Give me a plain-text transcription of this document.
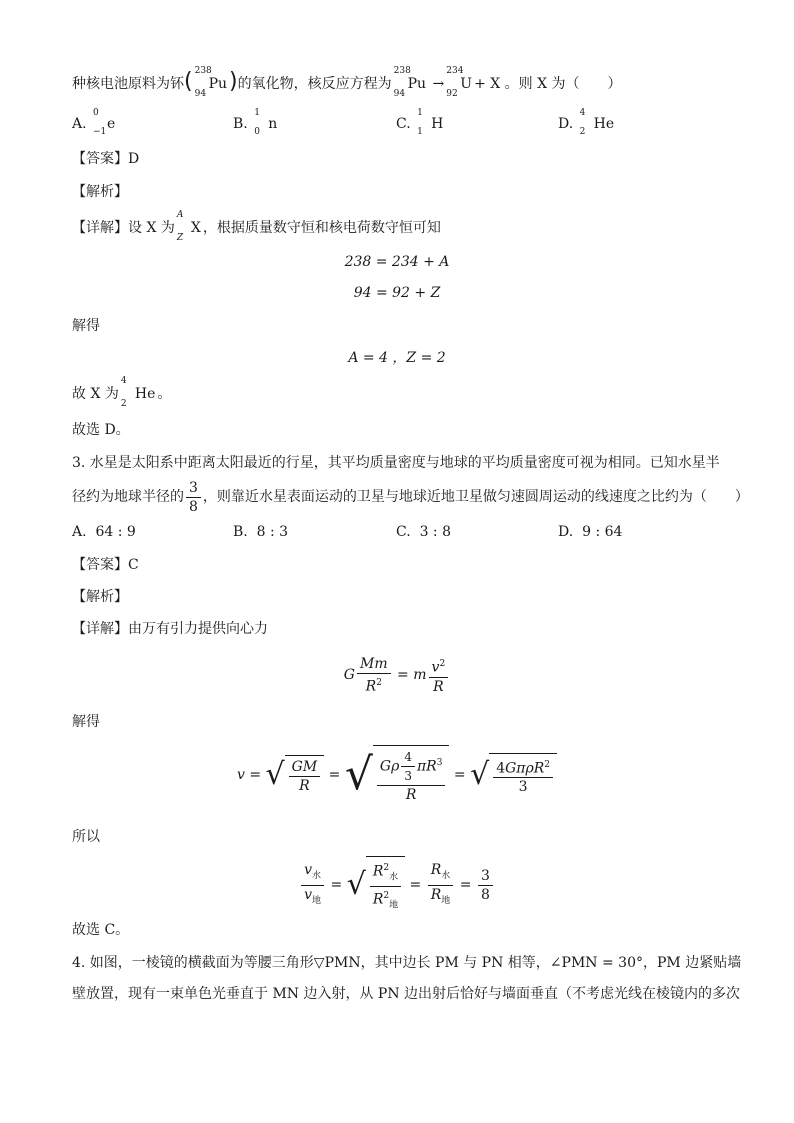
种核电池原料为钚( 238
94
Pu)的氧化物，核反应方程为
238
94
Pu →
234
92
U + X 。则 X 为（　　）
A.
0
−1 e	B.
1
0 n	C.
1
1 H	D.
4
2 He
【答案】D
【解析】
【详解】设 X 为
A
Z
X ，根据质量数守恒和核电荷数守恒可知
238 = 234 + A
94 = 92 + Z
解得
A = 4 ，Z = 2
故 X 为
4
2
He 。
故选 D。
3. 水星是太阳系中距离太阳最近的行星，其平均质量密度与地球的平均质量密度可视为相同。已知水星半
径约为地球半径的 $\frac{3}{8}$ ，则靠近水星表面运动的卫星与地球近地卫星做匀速圆周运动的线速度之比约为（　　）
A. 64 : 9	B. 8 : 3	C. 3 : 8	D. 9 : 64
【答案】C
【解析】
【详解】由万有引力提供向心力
G $\frac{Mm}{R^2} = m \frac{v^2}{R}$
解得
v = √ $\frac{GM}{R}$ = √ $\frac{G\rho \frac{4}{3} \pi R^3}{R}$ = √ $\frac{4G\pi\rho R^2}{3}$
所以
$\frac{v_水}{v_地}$ = √ $\frac{R^2_水}{R^2_地} = \frac{R_水}{R_地} = \frac{3}{8}$
故选 C。
4. 如图，一棱镜的横截面为等腰三角形▽PMN，其中边长 PM 与 PN 相等，∠PMN = 30°，PM 边紧贴墙
壁放置，现有一束单色光垂直于 MN 边入射，从 PN 边出射后恰好与墙面垂直（不考虑光线在棱镜内的多次
